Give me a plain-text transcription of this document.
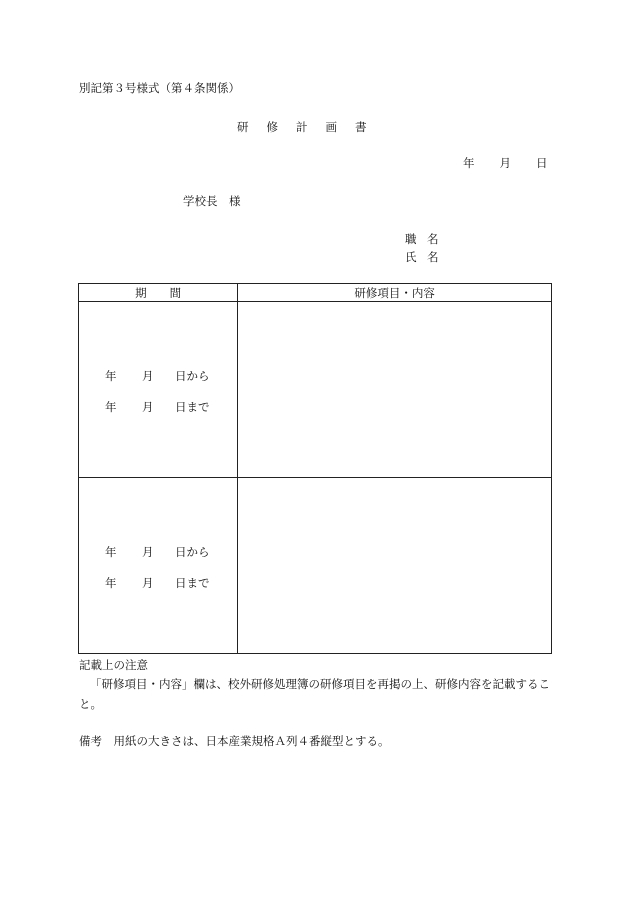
別記第３号様式（第４条関係）
研修計画書
年 月 日
学校長　様
職 名
氏 名
期　　間	研修項目・内容

年 月 日から
年 月 日まで	

年 月 日から
年 月 日まで	

記載上の注意
「研修項目・内容」欄は、校外研修処理簿の研修項目を再掲の上、研修内容を記載すること。
備考　用紙の大きさは、日本産業規格Ａ列４番縦型とする。
